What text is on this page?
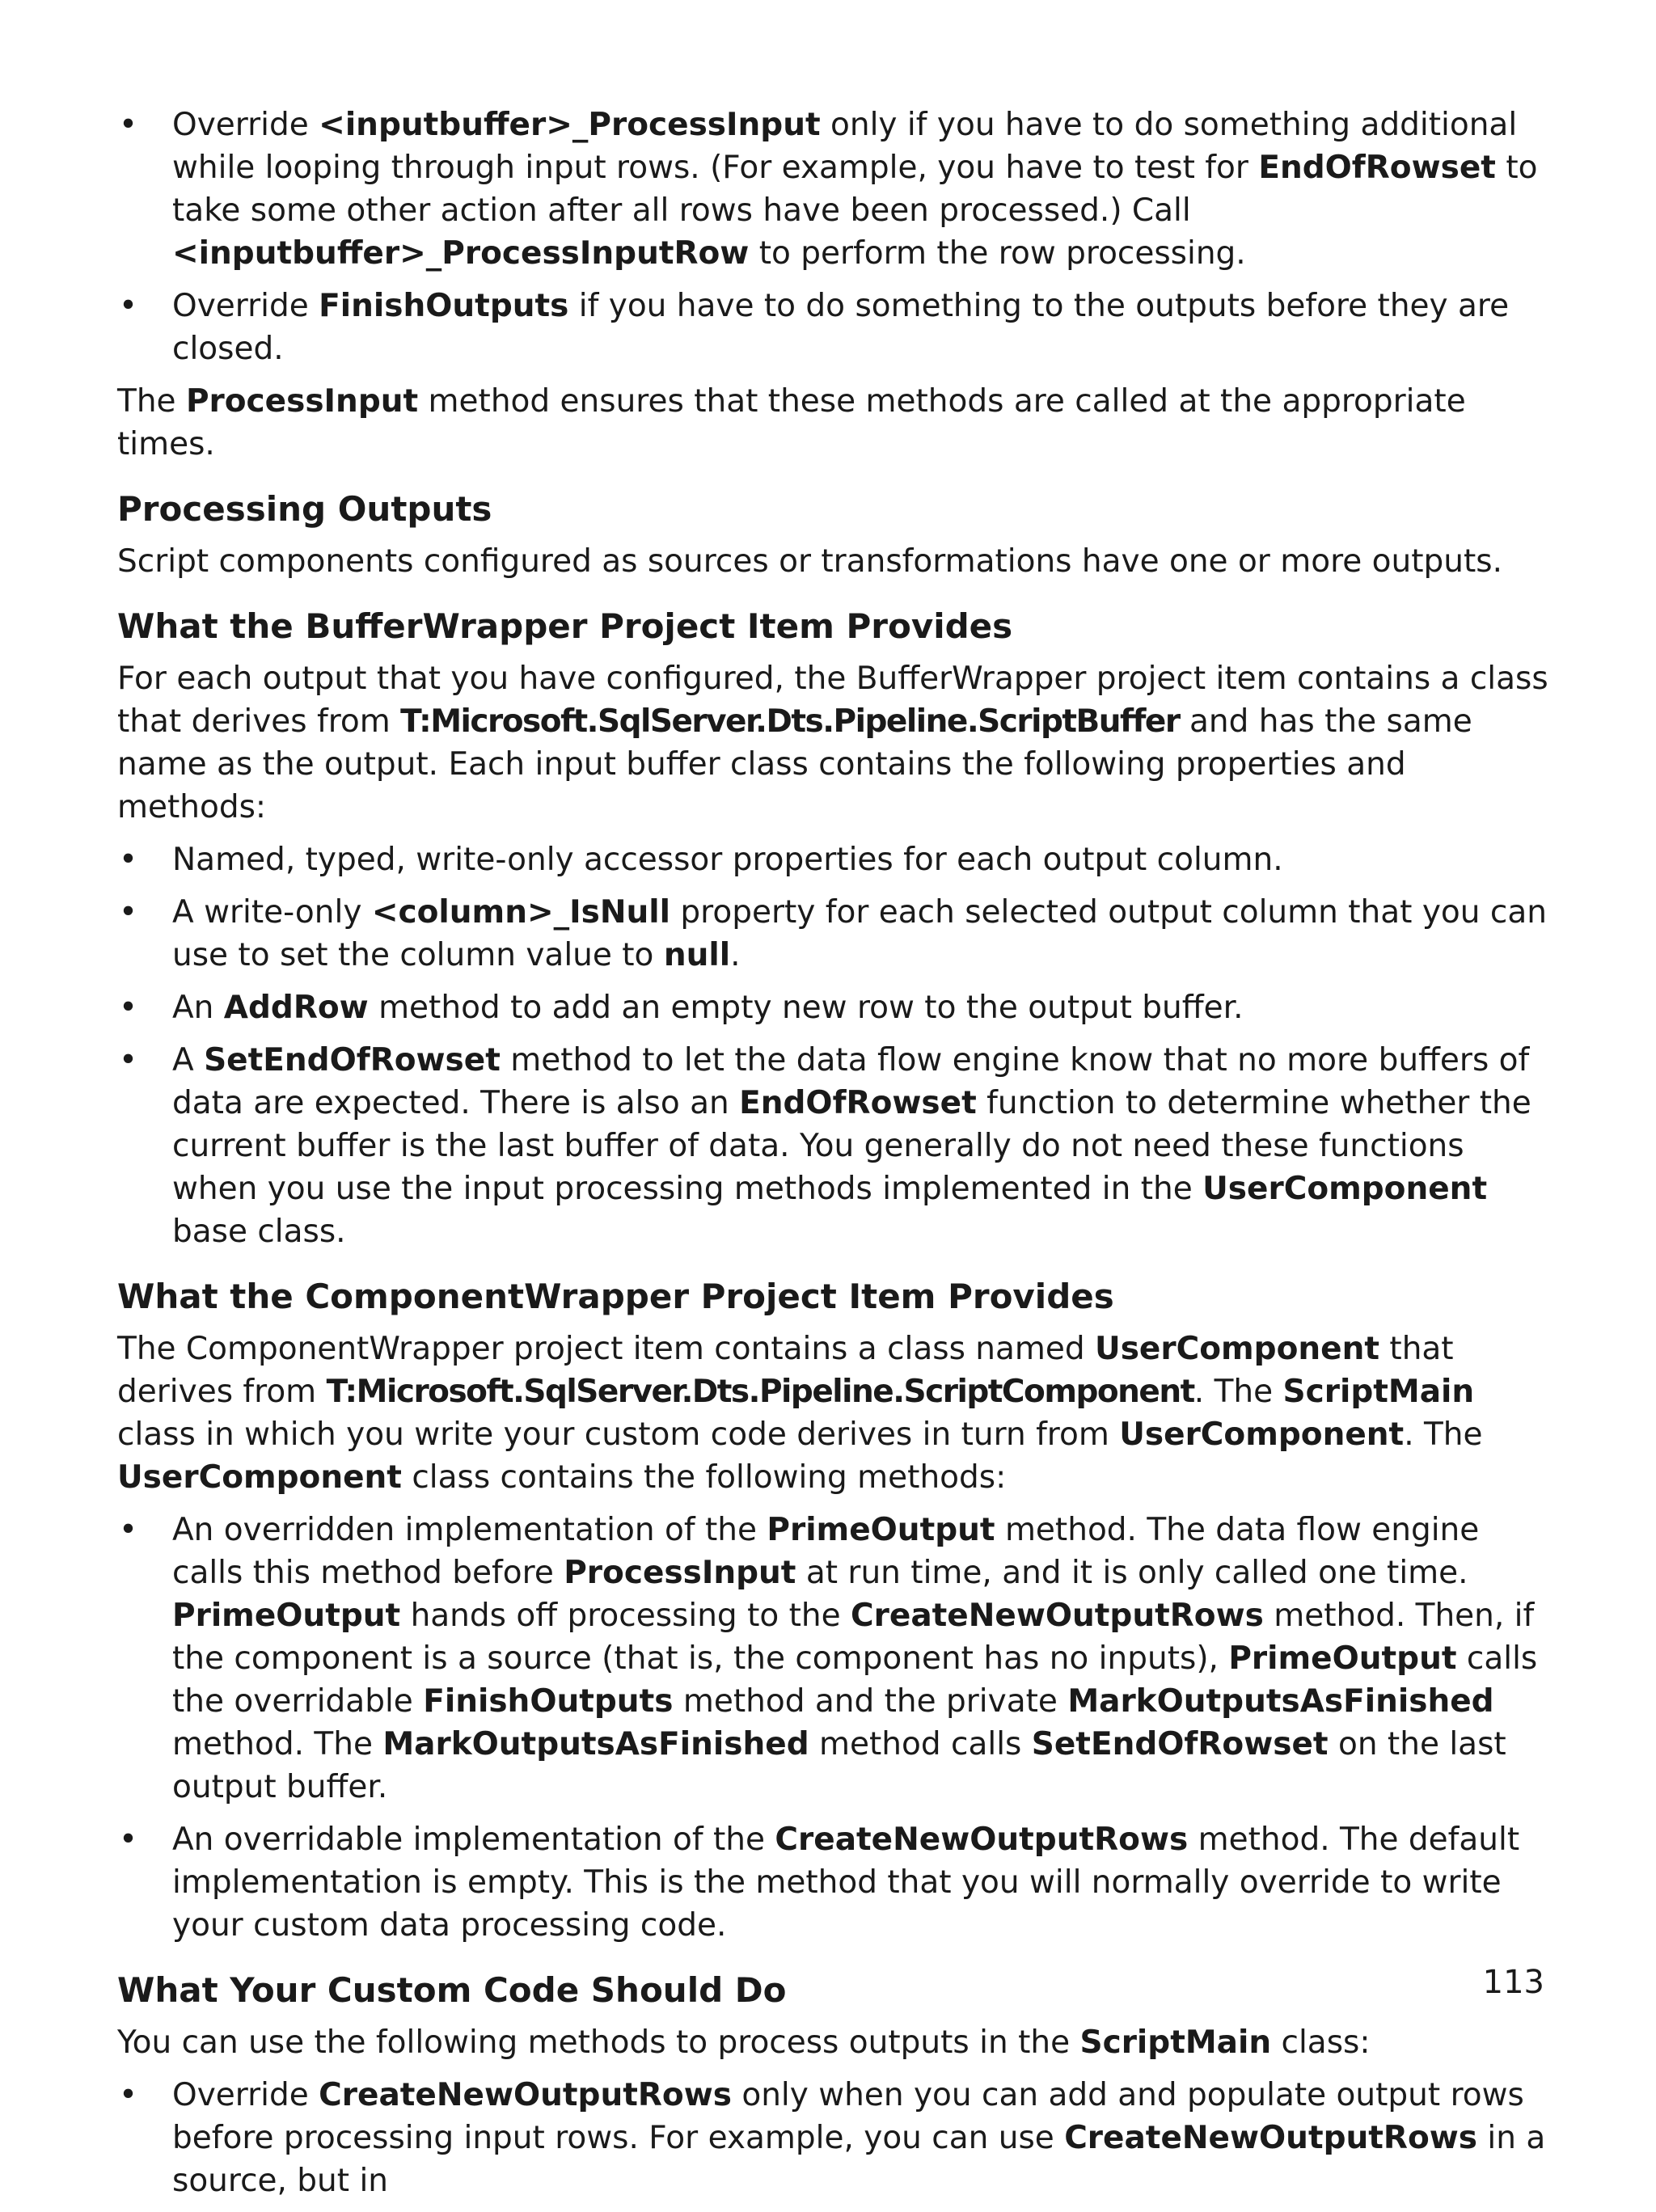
Override <inputbuffer>_ProcessInput only if you have to do something additional while looping through input rows. (For example, you have to test for EndOfRowset to take some other action after all rows have been processed.) Call <inputbuffer>_ProcessInputRow to perform the row processing.
Override FinishOutputs if you have to do something to the outputs before they are closed.

The ProcessInput method ensures that these methods are called at the appropriate times.

Processing Outputs

Script components configured as sources or transformations have one or more outputs.

What the BufferWrapper Project Item Provides

For each output that you have configured, the BufferWrapper project item contains a class that derives from T:Microsoft.SqlServer.Dts.Pipeline.ScriptBuffer and has the same name as the output. Each input buffer class contains the following properties and methods:

Named, typed, write-only accessor properties for each output column.
A write-only <column>_IsNull property for each selected output column that you can use to set the column value to null.
An AddRow method to add an empty new row to the output buffer.
A SetEndOfRowset method to let the data flow engine know that no more buffers of data are expected. There is also an EndOfRowset function to determine whether the current buffer is the last buffer of data. You generally do not need these functions when you use the input processing methods implemented in the UserComponent base class.
What the ComponentWrapper Project Item Provides

The ComponentWrapper project item contains a class named UserComponent that derives from T:Microsoft.SqlServer.Dts.Pipeline.ScriptComponent. The ScriptMain class in which you write your custom code derives in turn from UserComponent. The UserComponent class contains the following methods:

An overridden implementation of the PrimeOutput method. The data flow engine calls this method before ProcessInput at run time, and it is only called one time. PrimeOutput hands off processing to the CreateNewOutputRows method. Then, if the component is a source (that is, the component has no inputs), PrimeOutput calls the overridable FinishOutputs method and the private MarkOutputsAsFinished method. The MarkOutputsAsFinished method calls SetEndOfRowset on the last output buffer.
An overridable implementation of the CreateNewOutputRows method. The default implementation is empty. This is the method that you will normally override to write your custom data processing code.
What Your Custom Code Should Do

You can use the following methods to process outputs in the ScriptMain class:

Override CreateNewOutputRows only when you can add and populate output rows before processing input rows. For example, you can use CreateNewOutputRows in a source, but in
113
